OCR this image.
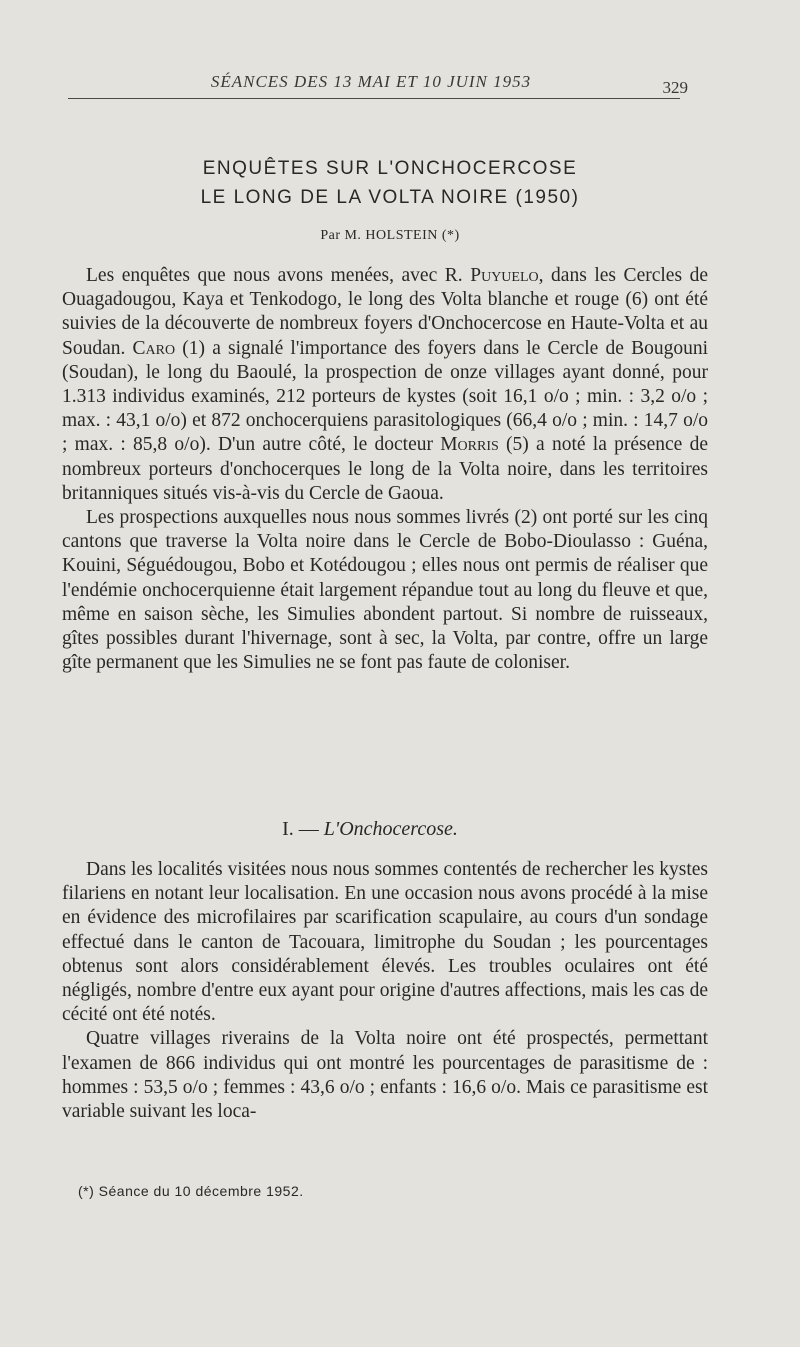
SÉANCES DES 13 MAI ET 10 JUIN 1953	329
ENQUÊTES SUR L'ONCHOCERCOSE
LE LONG DE LA VOLTA NOIRE (1950)
Par M. HOLSTEIN (*)

Les enquêtes que nous avons menées, avec R. Puyuelo, dans les Cercles de Ouagadougou, Kaya et Tenkodogo, le long des Volta blanche et rouge (6) ont été suivies de la découverte de nombreux foyers d'Onchocercose en Haute-Volta et au Soudan. Caro (1) a signalé l'importance des foyers dans le Cercle de Bougouni (Soudan), le long du Baoulé, la prospection de onze villages ayant donné, pour 1.313 individus examinés, 212 porteurs de kystes (soit 16,1 o/o ; min. : 3,2 o/o ; max. : 43,1 o/o) et 872 onchocerquiens parasitologiques (66,4 o/o ; min. : 14,7 o/o ; max. : 85,8 o/o). D'un autre côté, le docteur Morris (5) a noté la présence de nombreux porteurs d'onchocerques le long de la Volta noire, dans les territoires britanniques situés vis-à-vis du Cercle de Gaoua.

Les prospections auxquelles nous nous sommes livrés (2) ont porté sur les cinq cantons que traverse la Volta noire dans le Cercle de Bobo-Dioulasso : Guéna, Kouini, Séguédougou, Bobo et Kotédougou ; elles nous ont permis de réaliser que l'endémie onchocerquienne était largement répandue tout au long du fleuve et que, même en saison sèche, les Simulies abondent partout. Si nombre de ruisseaux, gîtes possibles durant l'hivernage, sont à sec, la Volta, par contre, offre un large gîte permanent que les Simulies ne se font pas faute de coloniser.

I. — L'Onchocercose.

Dans les localités visitées nous nous sommes contentés de rechercher les kystes filariens en notant leur localisation. En une occasion nous avons procédé à la mise en évidence des microfilaires par scarification scapulaire, au cours d'un sondage effectué dans le canton de Tacouara, limitrophe du Soudan ; les pourcentages obtenus sont alors considérablement élevés. Les troubles oculaires ont été négligés, nombre d'entre eux ayant pour origine d'autres affections, mais les cas de cécité ont été notés.

Quatre villages riverains de la Volta noire ont été prospectés, permettant l'examen de 866 individus qui ont montré les pourcentages de parasitisme de : hommes : 53,5 o/o ; femmes : 43,6 o/o ; enfants : 16,6 o/o. Mais ce parasitisme est variable suivant les loca-

(*) Séance du 10 décembre 1952.
